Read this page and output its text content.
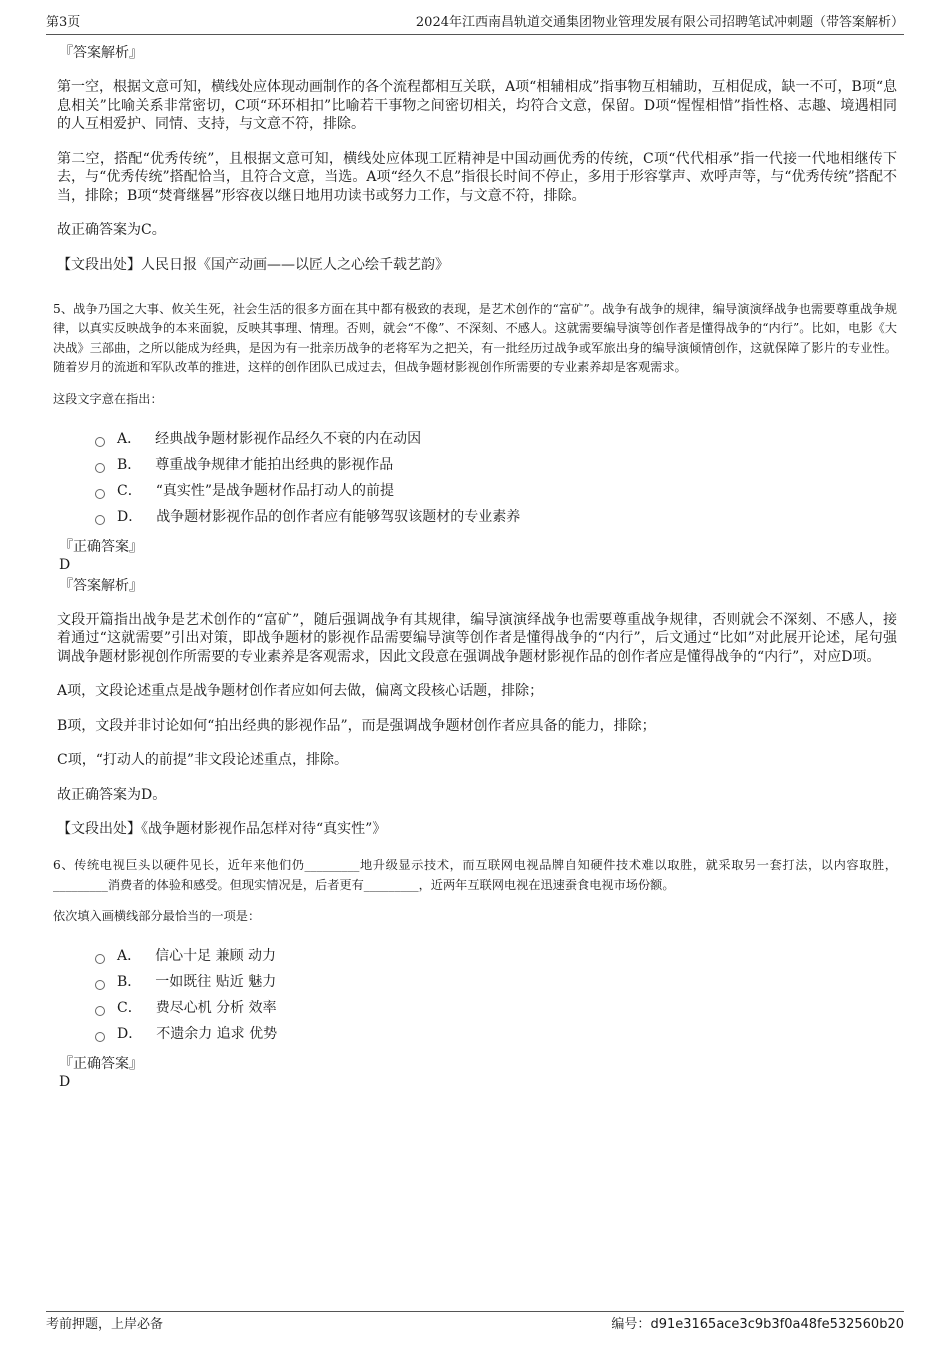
第3页	2024年江西南昌轨道交通集团物业管理发展有限公司招聘笔试冲刺题（带答案解析）

『答案解析』

第一空，根据文意可知，横线处应体现动画制作的各个流程都相互关联，A项“相辅相成”指事物互相辅助，互相促成，缺一不可，B项“息息相关”比喻关系非常密切，C项“环环相扣”比喻若干事物之间密切相关，均符合文意，保留。D项“惺惺相惜”指性格、志趣、境遇相同的人互相爱护、同情、支持，与文意不符，排除。

第二空，搭配“优秀传统”，且根据文意可知，横线处应体现工匠精神是中国动画优秀的传统，C项“代代相承”指一代接一代地相继传下去，与“优秀传统”搭配恰当，且符合文意，当选。A项“经久不息”指很长时间不停止，多用于形容掌声、欢呼声等，与“优秀传统”搭配不当，排除；B项“焚膏继晷”形容夜以继日地用功读书或努力工作，与文意不符，排除。

故正确答案为C。

【文段出处】人民日报《国产动画——以匠人之心绘千载艺韵》

5、战争乃国之大事、攸关生死，社会生活的很多方面在其中都有极致的表现，是艺术创作的“富矿”。战争有战争的规律，编导演演绎战争也需要尊重战争规律，以真实反映战争的本来面貌，反映其事理、情理。否则，就会“不像”、不深刻、不感人。这就需要编导演等创作者是懂得战争的“内行”。比如，电影《大决战》三部曲，之所以能成为经典，是因为有一批亲历战争的老将军为之把关，有一批经历过战争或军旅出身的编导演倾情创作，这就保障了影片的专业性。随着岁月的流逝和军队改革的推进，这样的创作团队已成过去，但战争题材影视创作所需要的专业素养却是客观需求。

这段文字意在指出：

A． 经典战争题材影视作品经久不衰的内在动因
B． 尊重战争规律才能拍出经典的影视作品
C． “真实性”是战争题材作品打动人的前提
D． 战争题材影视作品的创作者应有能够驾驭该题材的专业素养

『正确答案』

D

『答案解析』

文段开篇指出战争是艺术创作的“富矿”，随后强调战争有其规律，编导演演绎战争也需要尊重战争规律，否则就会不深刻、不感人，接着通过“这就需要”引出对策，即战争题材的影视作品需要编导演等创作者是懂得战争的“内行”，后文通过“比如”对此展开论述，尾句强调战争题材影视创作所需要的专业素养是客观需求，因此文段意在强调战争题材影视作品的创作者应是懂得战争的“内行”，对应D项。

A项，文段论述重点是战争题材创作者应如何去做，偏离文段核心话题，排除；

B项，文段并非讨论如何“拍出经典的影视作品”，而是强调战争题材创作者应具备的能力，排除；

C项，“打动人的前提”非文段论述重点，排除。

故正确答案为D。

【文段出处】《战争题材影视作品怎样对待“真实性”》

6、传统电视巨头以硬件见长，近年来他们仍_________地升级显示技术，而互联网电视品牌自知硬件技术难以取胜，就采取另一套打法，以内容取胜，_________消费者的体验和感受。但现实情况是，后者更有_________，近两年互联网电视在迅速蚕食电视市场份额。

依次填入画横线部分最恰当的一项是：

A． 信心十足 兼顾 动力
B． 一如既往 贴近 魅力
C． 费尽心机 分析 效率
D． 不遗余力 追求 优势

『正确答案』

D

考前押题，上岸必备	编号：d91e3165ace3c9b3f0a48fe532560b20
